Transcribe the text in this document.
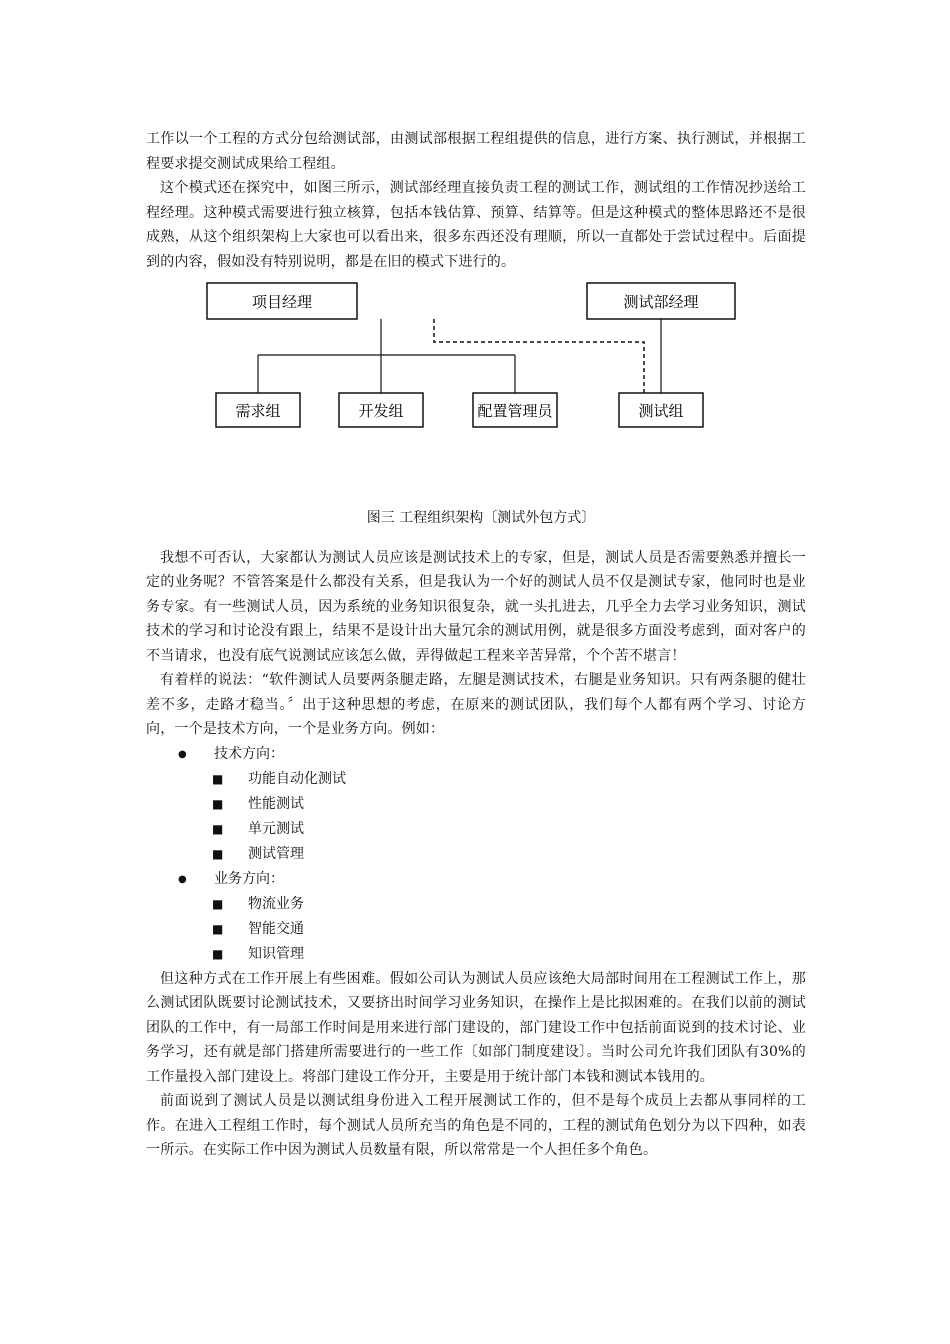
工作以一个工程的方式分包给测试部，由测试部根据工程组提供的信息，进行方案、执行测试，并根据工程要求提交测试成果给工程组。

这个模式还在探究中，如图三所示，测试部经理直接负责工程的测试工作，测试组的工作情况抄送给工程经理。这种模式需要进行独立核算，包括本钱估算、预算、结算等。但是这种模式的整体思路还不是很成熟，从这个组织架构上大家也可以看出来，很多东西还没有理顺，所以一直都处于尝试过程中。后面提到的内容，假如没有特别说明，都是在旧的模式下进行的。

项目经理	测试部经理
需求组	开发组	配置管理员	测试组
图三 工程组织架构〔测试外包方式〕

我想不可否认，大家都认为测试人员应该是测试技术上的专家，但是，测试人员是否需要熟悉并擅长一定的业务呢？不管答案是什么都没有关系，但是我认为一个好的测试人员不仅是测试专家，他同时也是业务专家。有一些测试人员，因为系统的业务知识很复杂，就一头扎进去，几乎全力去学习业务知识，测试技术的学习和讨论没有跟上，结果不是设计出大量冗余的测试用例，就是很多方面没考虑到，面对客户的不当请求，也没有底气说测试应该怎么做，弄得做起工程来辛苦异常，个个苦不堪言！

有着样的说法：“软件测试人员要两条腿走路，左腿是测试技术，右腿是业务知识。只有两条腿的健壮差不多，走路才稳当。〞出于这种思想的考虑，在原来的测试团队，我们每个人都有两个学习、讨论方向，一个是技术方向，一个是业务方向。例如：

● 技术方向：
■ 功能自动化测试
■ 性能测试
■ 单元测试
■ 测试管理
● 业务方向：
■ 物流业务
■ 智能交通
■ 知识管理

但这种方式在工作开展上有些困难。假如公司认为测试人员应该绝大局部时间用在工程测试工作上，那么测试团队既要讨论测试技术，又要挤出时间学习业务知识，在操作上是比拟困难的。在我们以前的测试团队的工作中，有一局部工作时间是用来进行部门建设的，部门建设工作中包括前面说到的技术讨论、业务学习，还有就是部门搭建所需要进行的一些工作〔如部门制度建设〕。当时公司允许我们团队有30%的工作量投入部门建设上。将部门建设工作分开，主要是用于统计部门本钱和测试本钱用的。

前面说到了测试人员是以测试组身份进入工程开展测试工作的，但不是每个成员上去都从事同样的工作。在进入工程组工作时，每个测试人员所充当的角色是不同的，工程的测试角色划分为以下四种，如表一所示。在实际工作中因为测试人员数量有限，所以常常是一个人担任多个角色。
